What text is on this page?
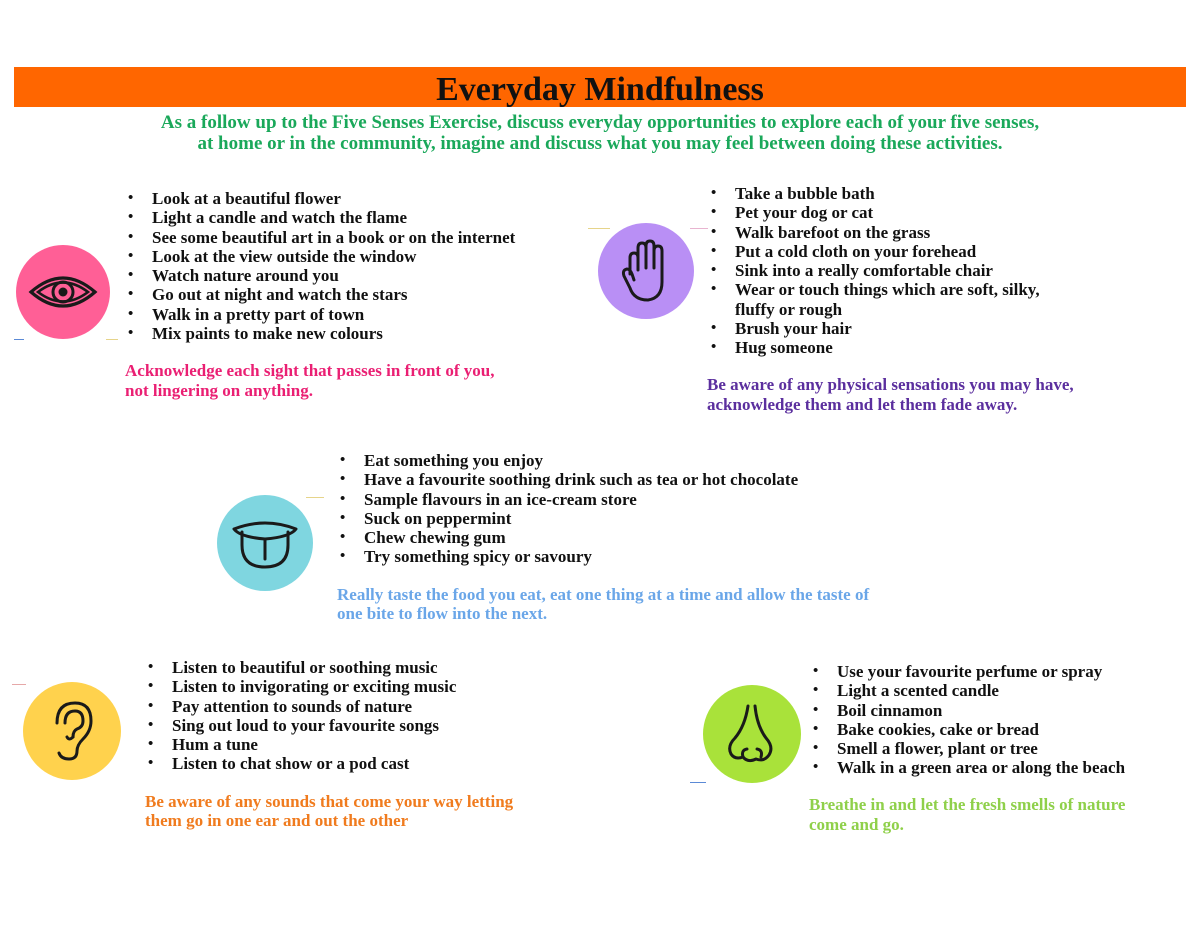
Everyday Mindfulness
As a follow up to the Five Senses Exercise, discuss everyday opportunities to explore each of your five senses,
at home or in the community, imagine and discuss what you may feel between doing these activities.
• Look at a beautiful flower
• Light a candle and watch the flame
• See some beautiful art in a book or on the internet
• Look at the view outside the window
• Watch nature around you
• Go out at night and watch the stars
• Walk in a pretty part of town
• Mix paints to make new colours
Acknowledge each sight that passes in front of you,
not lingering on anything.
• Take a bubble bath
• Pet your dog or cat
• Walk barefoot on the grass
• Put a cold cloth on your forehead
• Sink into a really comfortable chair
• Wear or touch things which are soft, silky,
fluffy or rough
• Brush your hair
• Hug someone
Be aware of any physical sensations you may have,
acknowledge them and let them fade away.
• Eat something you enjoy
• Have a favourite soothing drink such as tea or hot chocolate
• Sample flavours in an ice-cream store
• Suck on peppermint
• Chew chewing gum
• Try something spicy or savoury
Really taste the food you eat, eat one thing at a time and allow the taste of
one bite to flow into the next.
• Listen to beautiful or soothing music
• Listen to invigorating or exciting music
• Pay attention to sounds of nature
• Sing out loud to your favourite songs
• Hum a tune
• Listen to chat show or a pod cast
Be aware of any sounds that come your way letting
them go in one ear and out the other
• Use your favourite perfume or spray
• Light a scented candle
• Boil cinnamon
• Bake cookies, cake or bread
• Smell a flower, plant or tree
• Walk in a green area or along the beach
Breathe in and let the fresh smells of nature
come and go.
